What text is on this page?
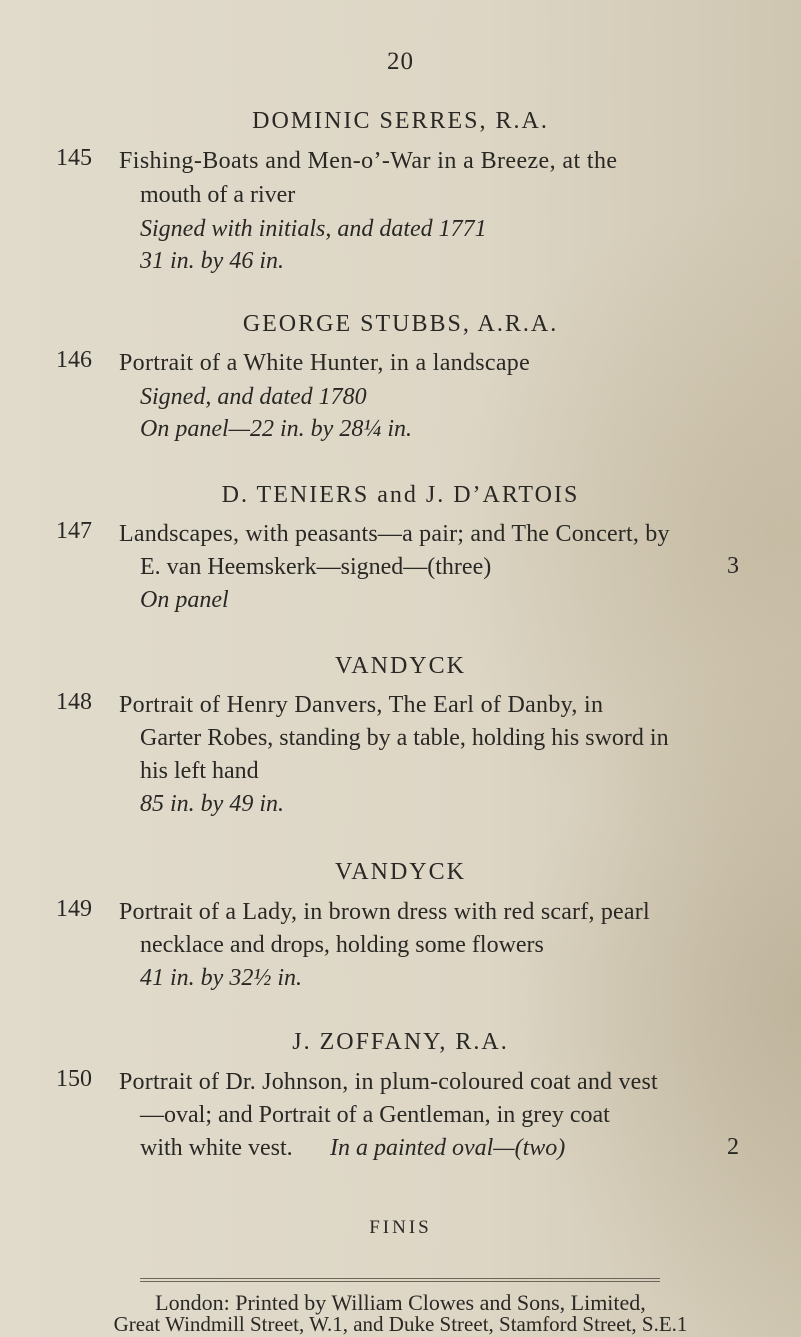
20
DOMINIC SERRES, R.A.
145 Fishing-Boats and Men-o’-War in a Breeze, at the
mouth of a river
Signed with initials, and dated 1771
31 in. by 46 in.
GEORGE STUBBS, A.R.A.
146 Portrait of a White Hunter, in a landscape
Signed, and dated 1780
On panel—22 in. by 28¼ in.
D. TENIERS and J. D’ARTOIS
147 Landscapes, with peasants—a pair; and The Concert, by
E. van Heemskerk—signed—(three)	3
On panel
VANDYCK
148 Portrait of Henry Danvers, The Earl of Danby, in
Garter Robes, standing by a table, holding his sword in
his left hand
85 in. by 49 in.
VANDYCK
149 Portrait of a Lady, in brown dress with red scarf, pearl
necklace and drops, holding some flowers
41 in. by 32½ in.
J. ZOFFANY, R.A.
150 Portrait of Dr. Johnson, in plum-coloured coat and vest
—oval; and Portrait of a Gentleman, in grey coat
with white vest. In a painted oval—(two)	2
FINIS
London: Printed by William Clowes and Sons, Limited,
Great Windmill Street, W.1, and Duke Street, Stamford Street, S.E.1
